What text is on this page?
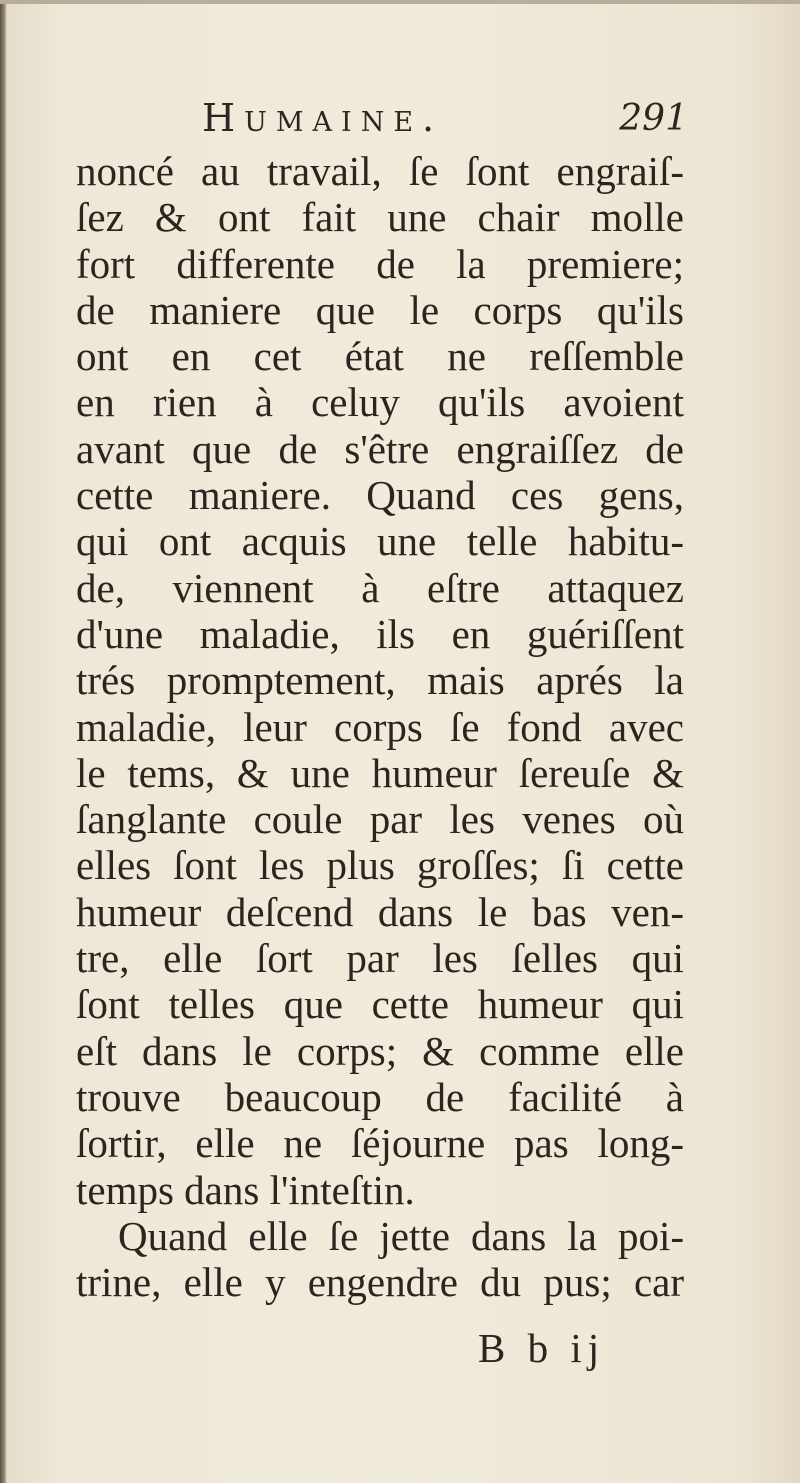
Humaine.	291
noncé au travail, ſe ſont engraiſ-
ſez & ont fait une chair molle
fort differente de la premiere;
de maniere que le corps qu'ils
ont en cet état ne reſſemble
en rien à celuy qu'ils avoient
avant que de s'être engraiſſez de
cette maniere. Quand ces gens,
qui ont acquis une telle habitu-
de, viennent à eſtre attaquez
d'une maladie, ils en guériſſent
trés promptement, mais aprés la
maladie, leur corps ſe fond avec
le tems, & une humeur ſereuſe &
ſanglante coule par les venes où
elles ſont les plus groſſes; ſi cette
humeur deſcend dans le bas ven-
tre, elle ſort par les ſelles qui
ſont telles que cette humeur qui
eſt dans le corps; & comme elle
trouve beaucoup de facilité à
ſortir, elle ne ſéjourne pas long-
temps dans l'inteſtin.
Quand elle ſe jette dans la poi-
trine, elle y engendre du pus; car
B b ij
